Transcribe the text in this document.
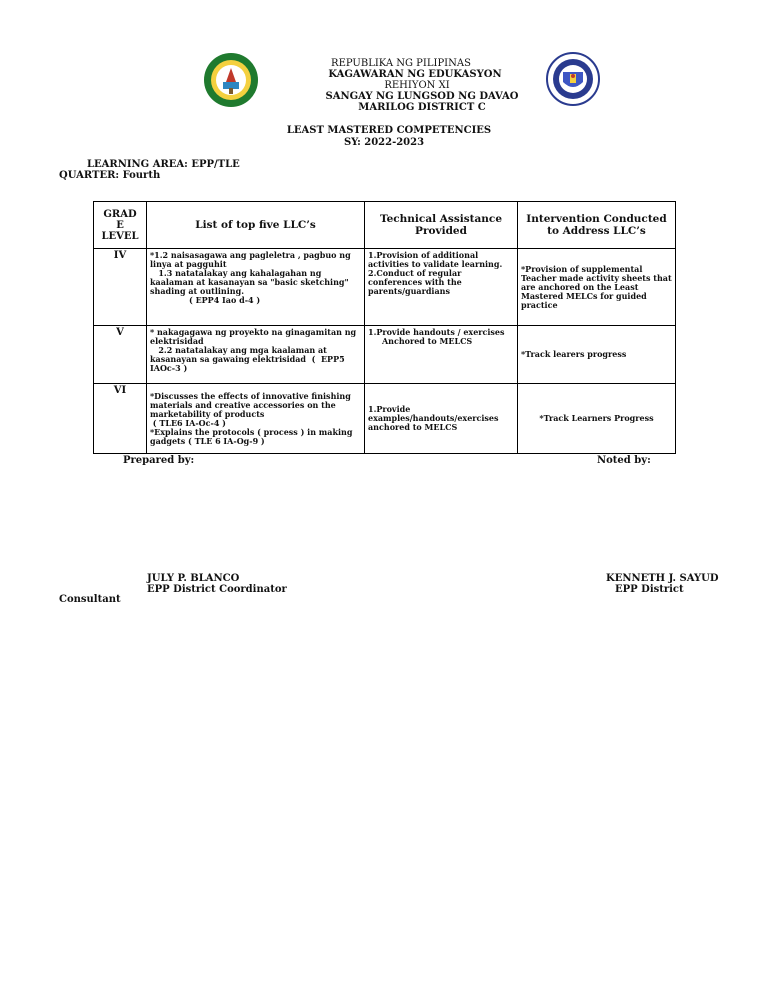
REPUBLIKA NG PILIPINAS
KAGAWARAN NG EDUKASYON
REHIYON XI
SANGAY NG LUNGSOD NG DAVAO
MARILOG DISTRICT C
LEAST MASTERED COMPETENCIES
SY: 2022-2023
LEARNING AREA: EPP/TLE
QUARTER: Fourth
GRAD
E
LEVEL	List of top five LLC’s	Technical Assistance Provided	Intervention Conducted to Address LLC’s
IV	*1.2 naisasagawa ang pagleletra , pagbuo ng linya at pagguhit
1.3 natatalakay ang kahalagahan ng kaalaman at kasanayan sa "basic sketching" shading at outlining.
( EPP4 Iao d-4 )	1.Provision of additional activities to validate learning.
2.Conduct of regular conferences with the parents/guardians	*Provision of supplemental Teacher made activity sheets that are anchored on the Least Mastered MELCs for guided practice
V	* nakagagawa ng proyekto na ginagamitan ng elektrisidad
2.2 natatalakay ang mga kaalaman at kasanayan sa gawaing elektrisidad  (  EPP5  IAOc-3 )	1.Provide handouts / exercises
Anchored to MELCS	*Track learers progress
VI	*Discusses the effects of innovative finishing materials and creative accessories on the marketability of products
( TLE6 IA-Oc-4 )
*Explains the protocols ( process ) in making gadgets ( TLE 6 IA-Og-9 )	1.Provide examples/handouts/exercises anchored to MELCS	*Track Learners Progress
Prepared by:	Noted by:
JULY P. BLANCO
EPP District Coordinator
Consultant
KENNETH J. SAYUD
EPP District
